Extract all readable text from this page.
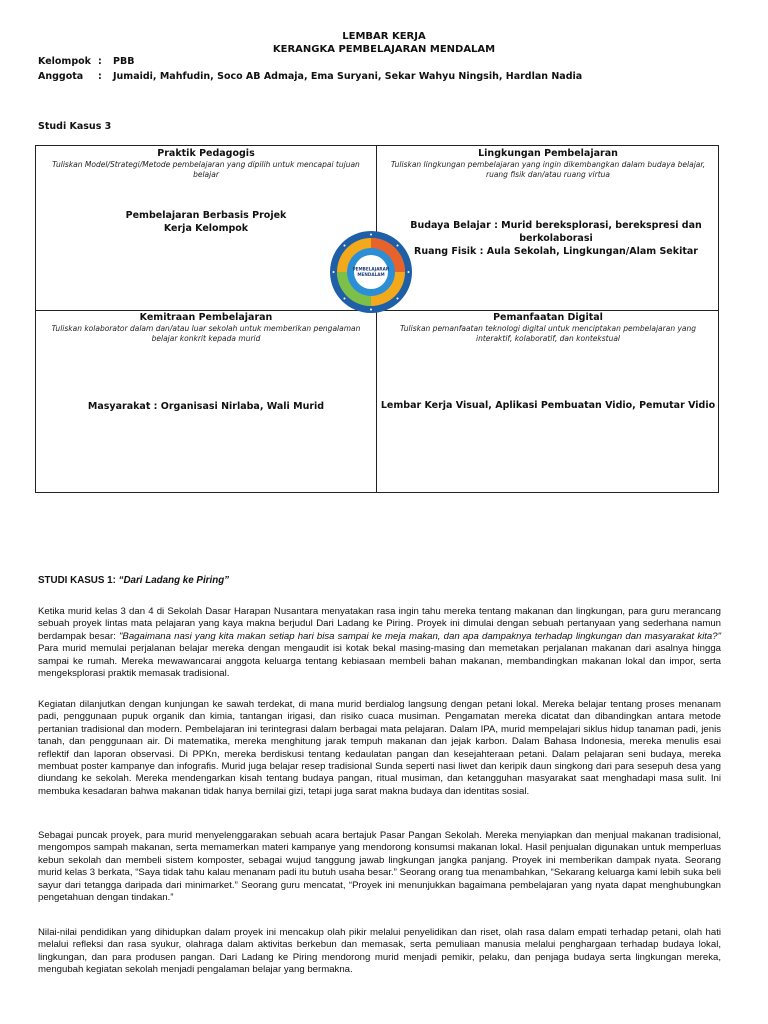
LEMBAR KERJA
KERANGKA PEMBELAJARAN MENDALAM
Kelompok : PBB
Anggota : Jumaidi, Mahfudin, Soco AB Admaja, Ema Suryani, Sekar Wahyu Ningsih, Hardlan Nadia
Studi Kasus 3
Praktik Pedagogis
Tuliskan Model/Strategi/Metode pembelajaran yang dipilih untuk mencapai tujuan belajar
Pembelajaran Berbasis Projek
Kerja Kelompok
Lingkungan Pembelajaran
Tuliskan lingkungan pembelajaran yang ingin dikembangkan dalam budaya belajar, ruang fisik dan/atau ruang virtua
Budaya Belajar : Murid bereksplorasi, berekspresi dan berkolaborasi
Ruang Fisik : Aula Sekolah, Lingkungan/Alam Sekitar
Kemitraan Pembelajaran
Tuliskan kolaborator dalam dan/atau luar sekolah untuk memberikan pengalaman belajar konkrit kepada murid
Masyarakat : Organisasi Nirlaba, Wali Murid
Pemanfaatan Digital
Tuliskan pemanfaatan teknologi digital untuk menciptakan pembelajaran yang interaktif, kolaboratif, dan kontekstual
Lembar Kerja Visual, Aplikasi Pembuatan Vidio, Pemutar Vidio
PEMBELAJARAN
MENDALAM
STUDI KASUS 1: “Dari Ladang ke Piring”
Ketika murid kelas 3 dan 4 di Sekolah Dasar Harapan Nusantara menyatakan rasa ingin tahu mereka tentang makanan dan lingkungan, para guru merancang sebuah proyek lintas mata pelajaran yang kaya makna berjudul Dari Ladang ke Piring. Proyek ini dimulai dengan sebuah pertanyaan yang sederhana namun berdampak besar: "Bagaimana nasi yang kita makan setiap hari bisa sampai ke meja makan, dan apa dampaknya terhadap lingkungan dan masyarakat kita?" Para murid memulai perjalanan belajar mereka dengan mengaudit isi kotak bekal masing-masing dan memetakan perjalanan makanan dari asalnya hingga sampai ke rumah. Mereka mewawancarai anggota keluarga tentang kebiasaan membeli bahan makanan, membandingkan makanan lokal dan impor, serta mengeksplorasi praktik memasak tradisional.
Kegiatan dilanjutkan dengan kunjungan ke sawah terdekat, di mana murid berdialog langsung dengan petani lokal. Mereka belajar tentang proses menanam padi, penggunaan pupuk organik dan kimia, tantangan irigasi, dan risiko cuaca musiman. Pengamatan mereka dicatat dan dibandingkan antara metode pertanian tradisional dan modern. Pembelajaran ini terintegrasi dalam berbagai mata pelajaran. Dalam IPA, murid mempelajari siklus hidup tanaman padi, jenis tanah, dan penggunaan air. Di matematika, mereka menghitung jarak tempuh makanan dan jejak karbon. Dalam Bahasa Indonesia, mereka menulis esai reflektif dan laporan observasi. Di PPKn, mereka berdiskusi tentang kedaulatan pangan dan kesejahteraan petani. Dalam pelajaran seni budaya, mereka membuat poster kampanye dan infografis. Murid juga belajar resep tradisional Sunda seperti nasi liwet dan keripik daun singkong dari para sesepuh desa yang diundang ke sekolah. Mereka mendengarkan kisah tentang budaya pangan, ritual musiman, dan ketangguhan masyarakat saat menghadapi masa sulit. Ini membuka kesadaran bahwa makanan tidak hanya bernilai gizi, tetapi juga sarat makna budaya dan identitas sosial.
Sebagai puncak proyek, para murid menyelenggarakan sebuah acara bertajuk Pasar Pangan Sekolah. Mereka menyiapkan dan menjual makanan tradisional, mengompos sampah makanan, serta memamerkan materi kampanye yang mendorong konsumsi makanan lokal. Hasil penjualan digunakan untuk memperluas kebun sekolah dan membeli sistem komposter, sebagai wujud tanggung jawab lingkungan jangka panjang. Proyek ini memberikan dampak nyata. Seorang murid kelas 3 berkata, “Saya tidak tahu kalau menanam padi itu butuh usaha besar.” Seorang orang tua menambahkan, “Sekarang keluarga kami lebih suka beli sayur dari tetangga daripada dari minimarket.” Seorang guru mencatat, “Proyek ini menunjukkan bagaimana pembelajaran yang nyata dapat menghubungkan pengetahuan dengan tindakan.”
Nilai-nilai pendidikan yang dihidupkan dalam proyek ini mencakup olah pikir melalui penyelidikan dan riset, olah rasa dalam empati terhadap petani, olah hati melalui refleksi dan rasa syukur, olahraga dalam aktivitas berkebun dan memasak, serta pemuliaan manusia melalui penghargaan terhadap budaya lokal, lingkungan, dan para produsen pangan. Dari Ladang ke Piring mendorong murid menjadi pemikir, pelaku, dan penjaga budaya serta lingkungan mereka, mengubah kegiatan sekolah menjadi pengalaman belajar yang bermakna.
